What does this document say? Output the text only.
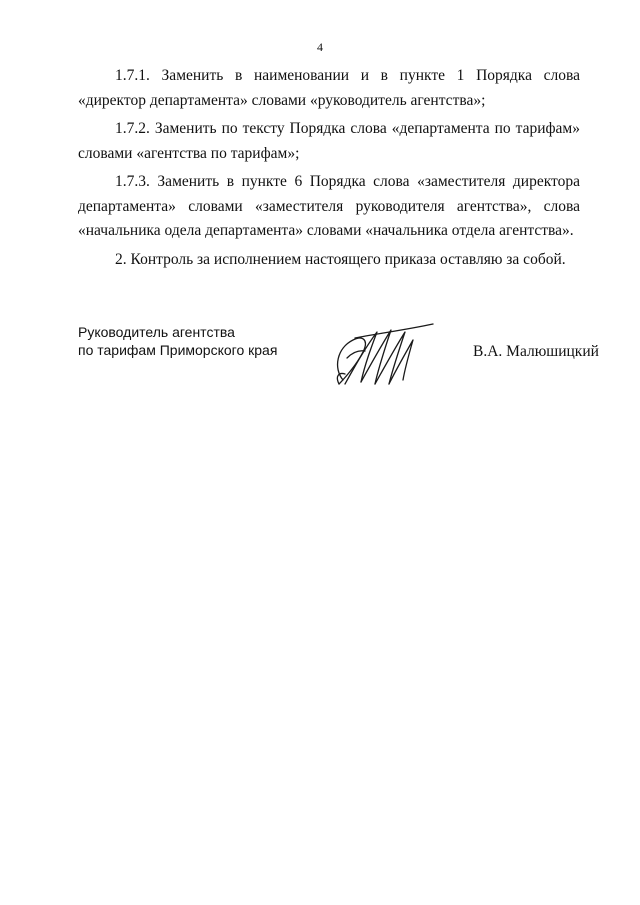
4

1.7.1. Заменить в наименовании и в пункте 1 Порядка слова «директор департамента» словами «руководитель агентства»;

1.7.2. Заменить по тексту Порядка слова «департамента по тарифам» словами «агентства по тарифам»;

1.7.3. Заменить в пункте 6 Порядка слова «заместителя директора департамента» словами «заместителя руководителя агентства», слова «начальника одела департамента» словами «начальника отдела агентства».

2. Контроль за исполнением настоящего приказа оставляю за собой.

Руководитель агентства
по тарифам Приморского края	В.А. Малюшицкий
